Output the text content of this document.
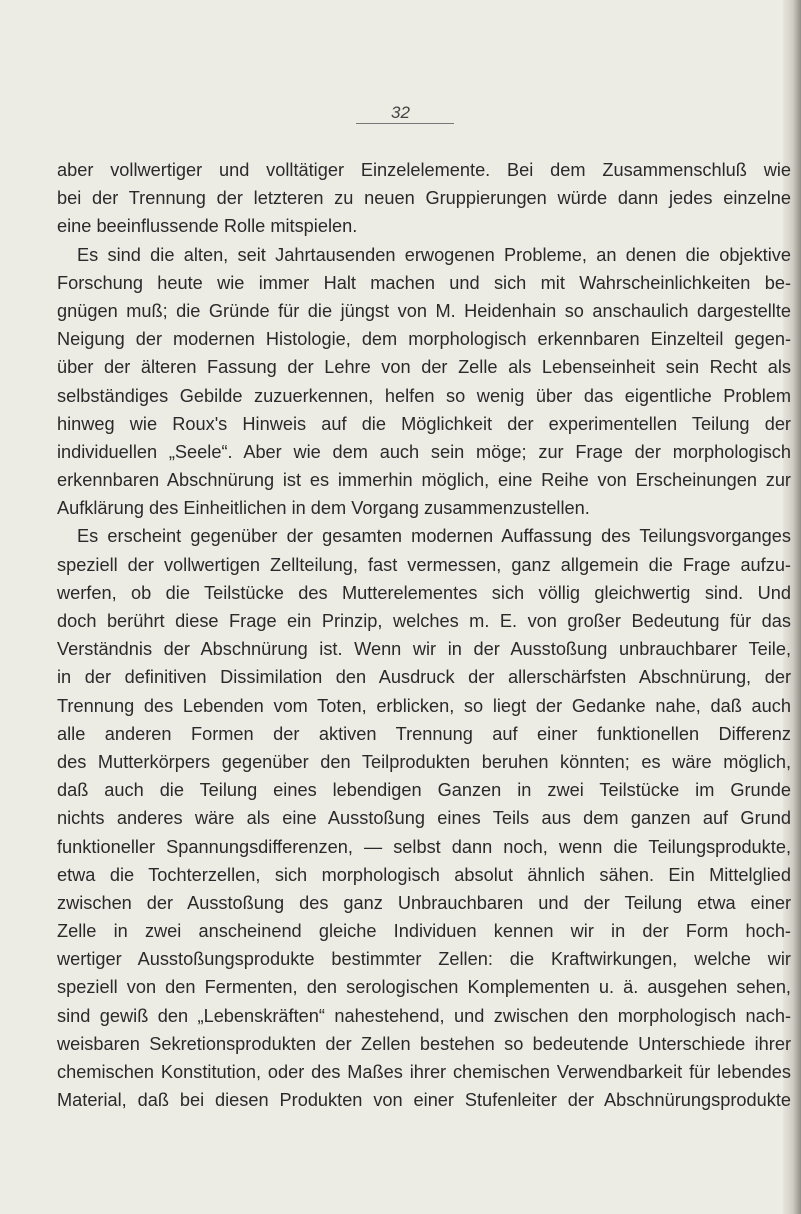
32
aber vollwertiger und volltätiger Einzelelemente. Bei dem Zusammenschluß wie
bei der Trennung der letzteren zu neuen Gruppierungen würde dann jedes einzelne
eine beeinflussende Rolle mitspielen.
Es sind die alten, seit Jahrtausenden erwogenen Probleme, an denen die objektive
Forschung heute wie immer Halt machen und sich mit Wahrscheinlichkeiten be-
gnügen muß; die Gründe für die jüngst von M. Heidenhain so anschaulich dargestellte
Neigung der modernen Histologie, dem morphologisch erkennbaren Einzelteil gegen-
über der älteren Fassung der Lehre von der Zelle als Lebenseinheit sein Recht als
selbständiges Gebilde zuzuerkennen, helfen so wenig über das eigentliche Problem
hinweg wie Roux's Hinweis auf die Möglichkeit der experimentellen Teilung der
individuellen „Seele“. Aber wie dem auch sein möge; zur Frage der morphologisch
erkennbaren Abschnürung ist es immerhin möglich, eine Reihe von Erscheinungen zur
Aufklärung des Einheitlichen in dem Vorgang zusammenzustellen.
Es erscheint gegenüber der gesamten modernen Auffassung des Teilungsvorganges
speziell der vollwertigen Zellteilung, fast vermessen, ganz allgemein die Frage aufzu-
werfen, ob die Teilstücke des Mutterelementes sich völlig gleichwertig sind. Und
doch berührt diese Frage ein Prinzip, welches m. E. von großer Bedeutung für das
Verständnis der Abschnürung ist. Wenn wir in der Ausstoßung unbrauchbarer Teile,
in der definitiven Dissimilation den Ausdruck der allerschärfsten Abschnürung, der
Trennung des Lebenden vom Toten, erblicken, so liegt der Gedanke nahe, daß auch
alle anderen Formen der aktiven Trennung auf einer funktionellen Differenz
des Mutterkörpers gegenüber den Teilprodukten beruhen könnten; es wäre möglich,
daß auch die Teilung eines lebendigen Ganzen in zwei Teilstücke im Grunde
nichts anderes wäre als eine Ausstoßung eines Teils aus dem ganzen auf Grund
funktioneller Spannungsdifferenzen, — selbst dann noch, wenn die Teilungsprodukte,
etwa die Tochterzellen, sich morphologisch absolut ähnlich sähen. Ein Mittelglied
zwischen der Ausstoßung des ganz Unbrauchbaren und der Teilung etwa einer
Zelle in zwei anscheinend gleiche Individuen kennen wir in der Form hoch-
wertiger Ausstoßungsprodukte bestimmter Zellen: die Kraftwirkungen, welche wir
speziell von den Fermenten, den serologischen Komplementen u. ä. ausgehen sehen,
sind gewiß den „Lebenskräften“ nahestehend, und zwischen den morphologisch nach-
weisbaren Sekretionsprodukten der Zellen bestehen so bedeutende Unterschiede ihrer
chemischen Konstitution, oder des Maßes ihrer chemischen Verwendbarkeit für lebendes
Material, daß bei diesen Produkten von einer Stufenleiter der Abschnürungsprodukte
